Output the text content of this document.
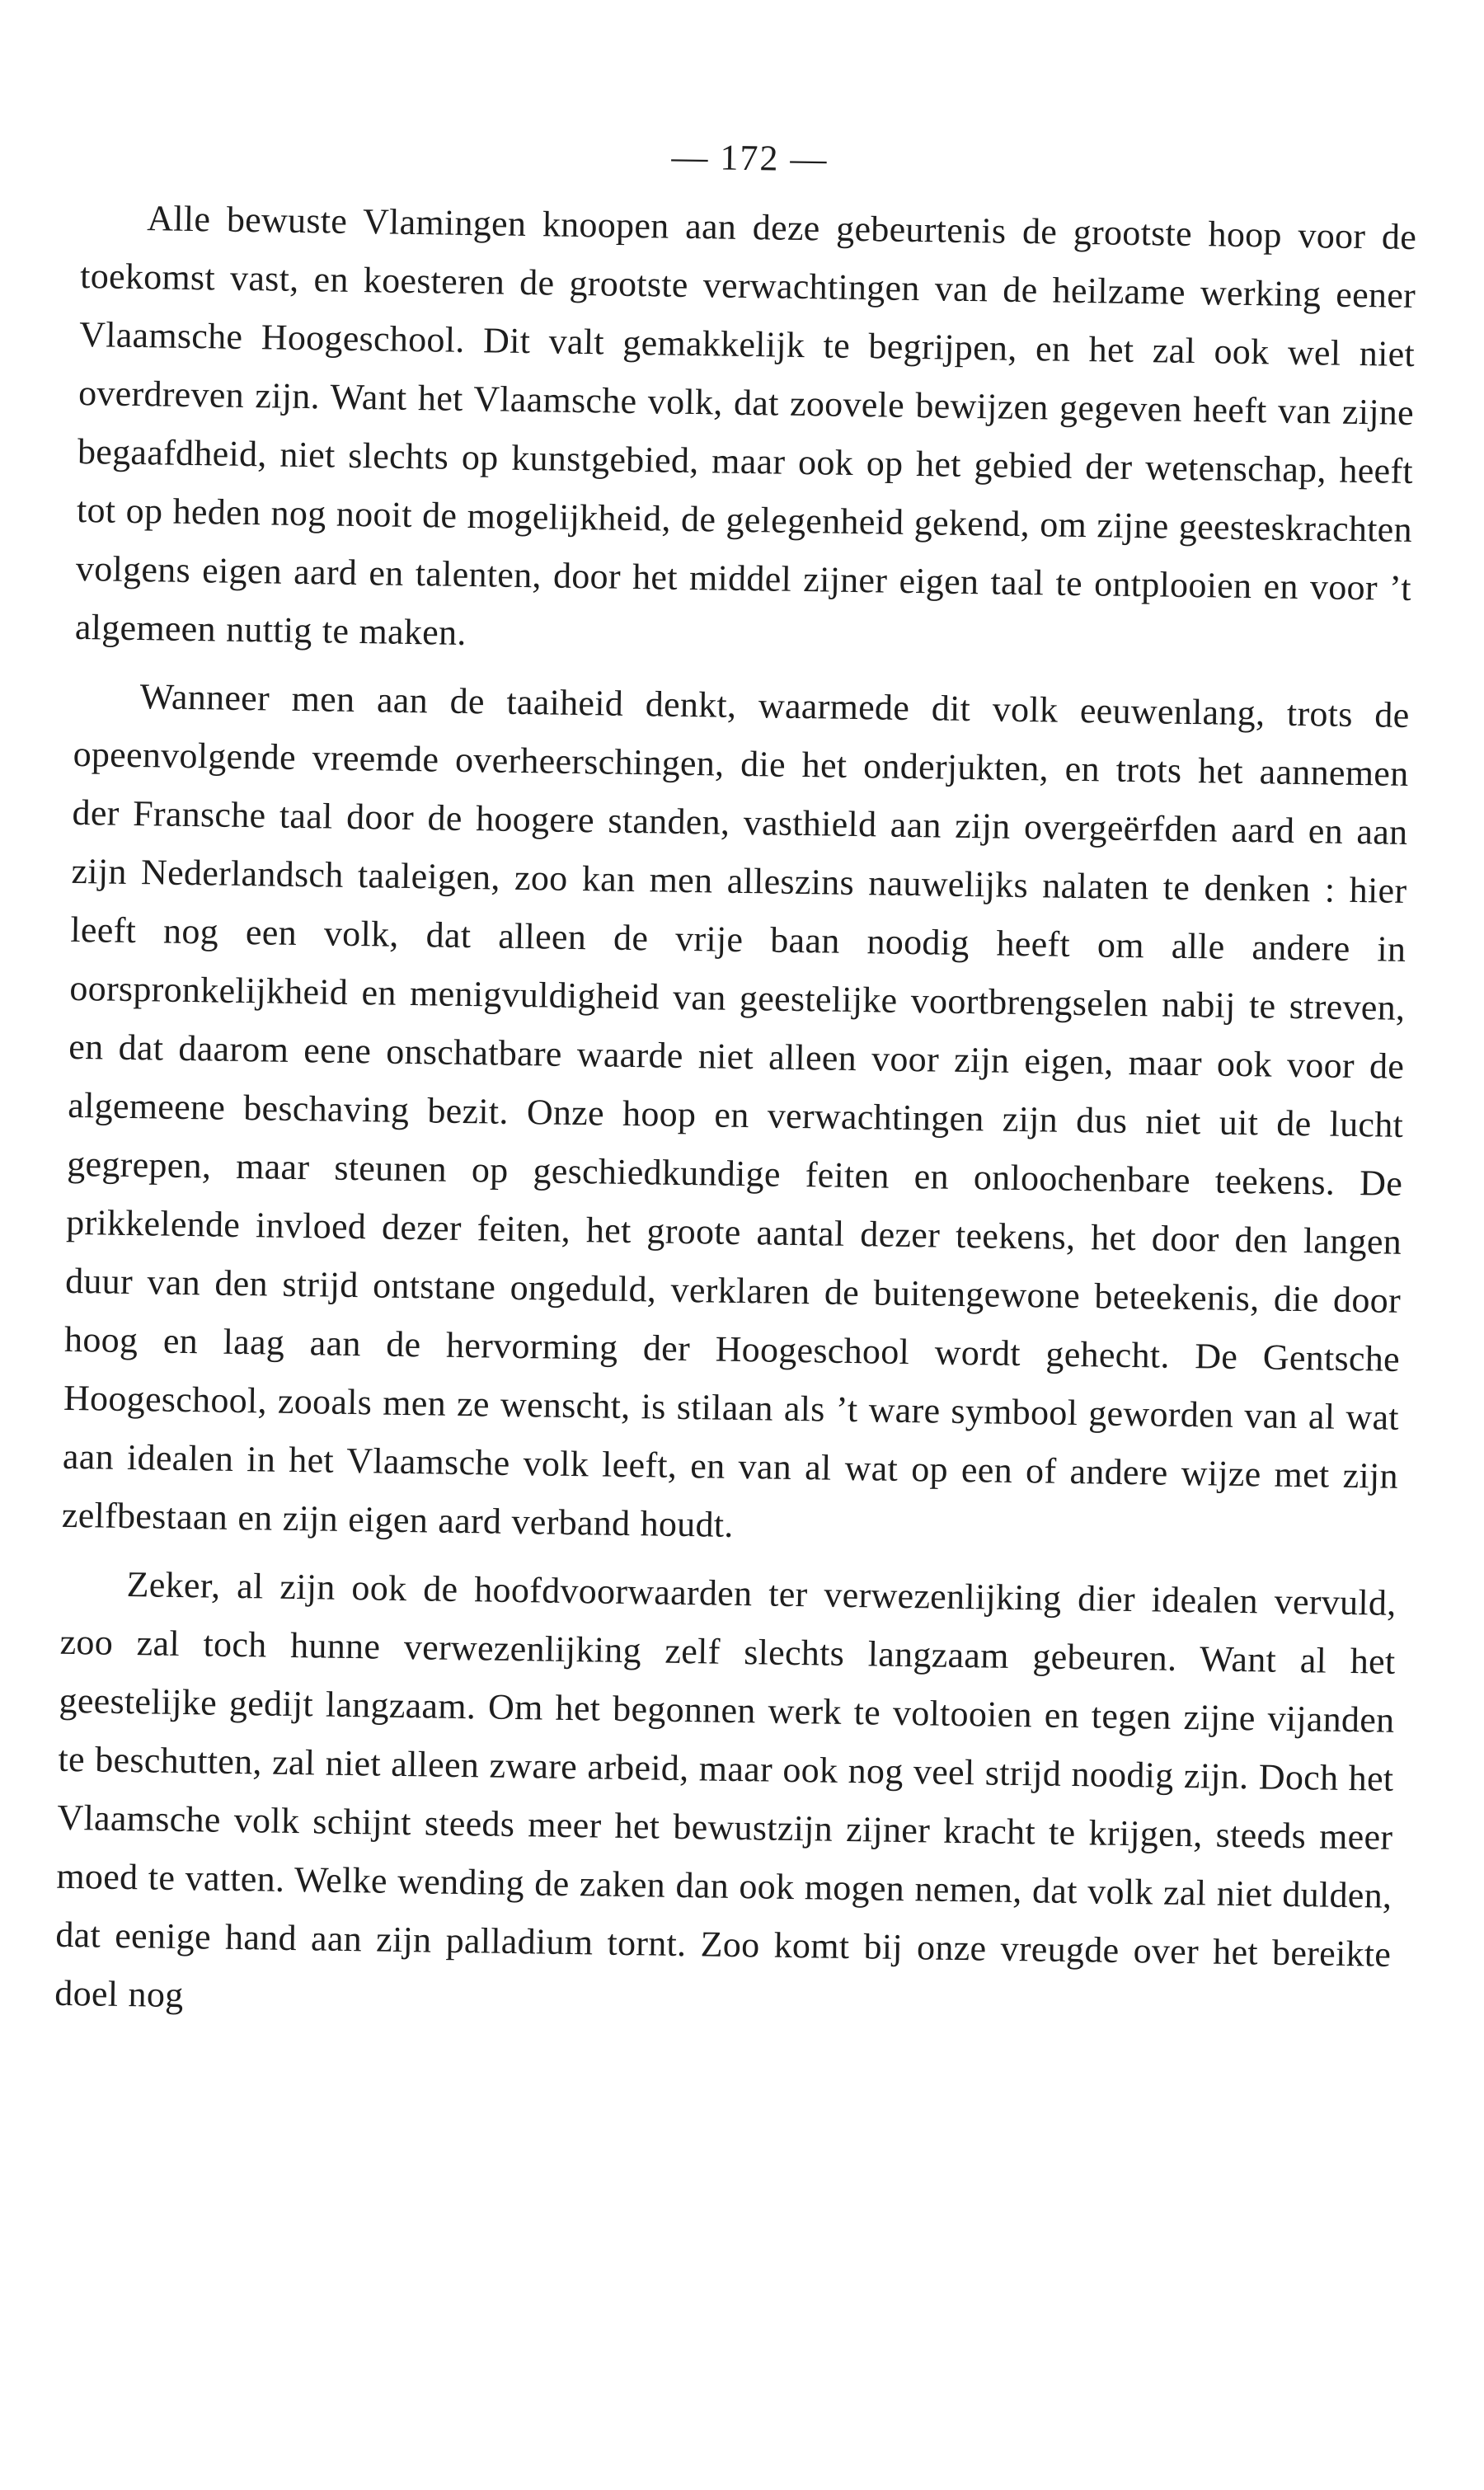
— 172 —

Alle bewuste Vlamingen knoopen aan deze gebeurtenis de grootste hoop voor de toekomst vast, en koesteren de grootste verwachtingen van de heilzame werking eener Vlaamsche Hoogeschool. Dit valt gemakkelijk te begrijpen, en het zal ook wel niet overdreven zijn. Want het Vlaamsche volk, dat zoovele bewijzen gegeven heeft van zijne begaafdheid, niet slechts op kunstgebied, maar ook op het gebied der wetenschap, heeft tot op heden nog nooit de mogelijkheid, de gelegenheid gekend, om zijne geesteskrachten volgens eigen aard en talenten, door het middel zijner eigen taal te ontplooien en voor ’t algemeen nuttig te maken.

Wanneer men aan de taaiheid denkt, waarmede dit volk eeuwenlang, trots de opeenvolgende vreemde overheerschingen, die het onderjukten, en trots het aannemen der Fransche taal door de hoogere standen, vasthield aan zijn overgeërfden aard en aan zijn Nederlandsch taaleigen, zoo kan men alleszins nauwelijks nalaten te denken : hier leeft nog een volk, dat alleen de vrije baan noodig heeft om alle andere in oorspronkelijkheid en menigvuldigheid van geestelijke voortbrengselen nabij te streven, en dat daarom eene onschatbare waarde niet alleen voor zijn eigen, maar ook voor de algemeene beschaving bezit. Onze hoop en verwachtingen zijn dus niet uit de lucht gegrepen, maar steunen op geschiedkundige feiten en onloochenbare teekens. De prikkelende invloed dezer feiten, het groote aantal dezer teekens, het door den langen duur van den strijd ontstane ongeduld, verklaren de buitengewone beteekenis, die door hoog en laag aan de hervorming der Hoogeschool wordt gehecht. De Gentsche Hoogeschool, zooals men ze wenscht, is stilaan als ’t ware symbool geworden van al wat aan idealen in het Vlaamsche volk leeft, en van al wat op een of andere wijze met zijn zelfbestaan en zijn eigen aard verband houdt.

Zeker, al zijn ook de hoofdvoorwaarden ter verwezenlijking dier idealen vervuld, zoo zal toch hunne verwezenlijking zelf slechts langzaam gebeuren. Want al het geestelijke gedijt langzaam. Om het begonnen werk te voltooien en tegen zijne vijanden te beschutten, zal niet alleen zware arbeid, maar ook nog veel strijd noodig zijn. Doch het Vlaamsche volk schijnt steeds meer het bewustzijn zijner kracht te krijgen, steeds meer moed te vatten. Welke wending de zaken dan ook mogen nemen, dat volk zal niet dulden, dat eenige hand aan zijn palladium tornt. Zoo komt bij onze vreugde over het bereikte doel nog
